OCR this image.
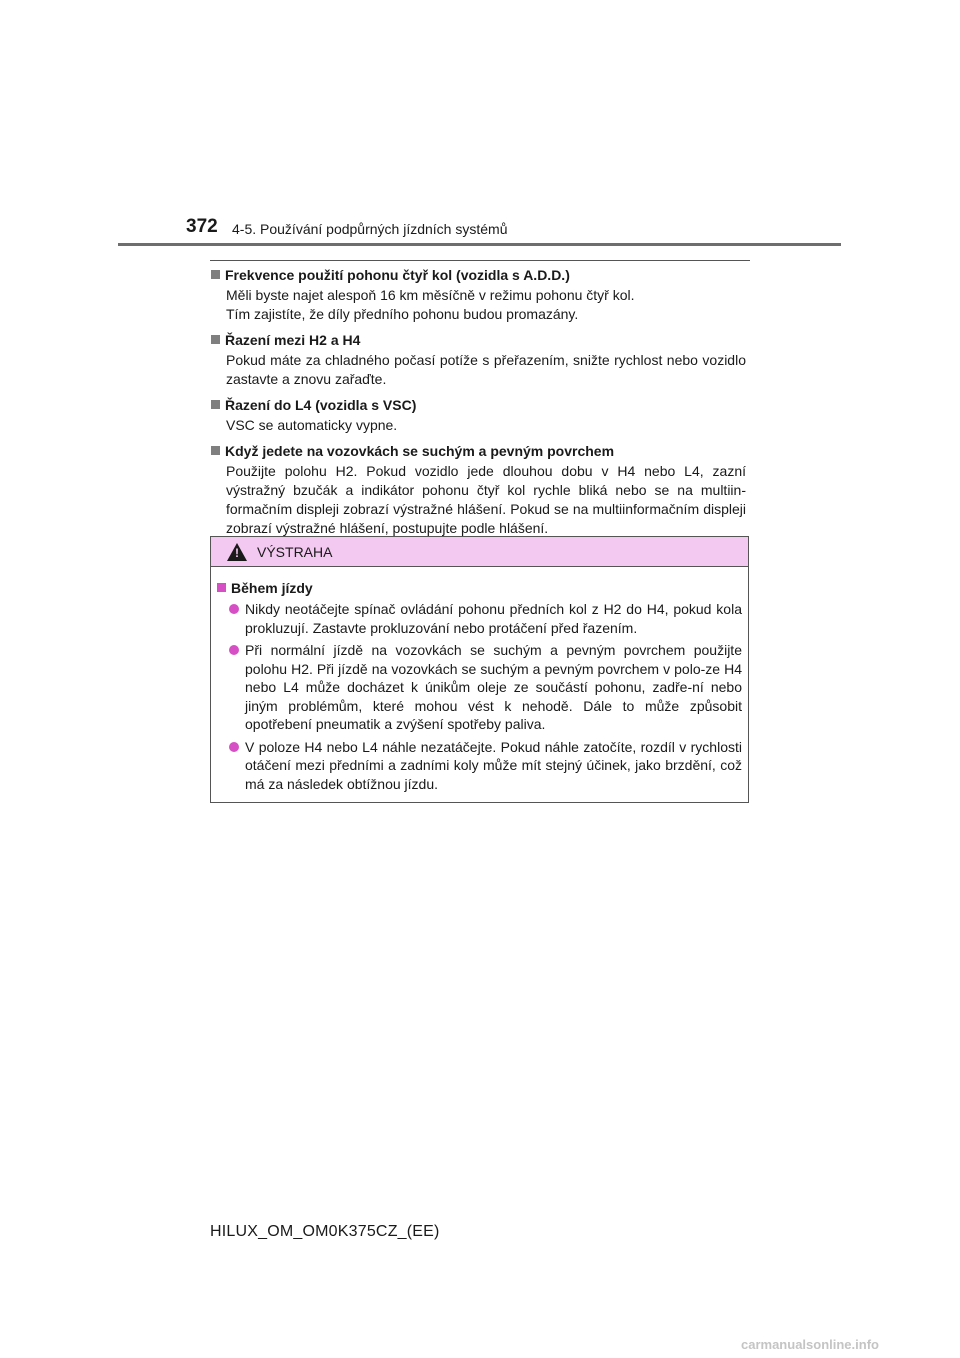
372 4-5. Používání podpůrných jízdních systémů
Frekvence použití pohonu čtyř kol (vozidla s A.D.D.)
Měli byste najet alespoň 16 km měsíčně v režimu pohonu čtyř kol.
Tím zajistíte, že díly předního pohonu budou promazány.
Řazení mezi H2 a H4
Pokud máte za chladného počasí potíže s přeřazením, snižte rychlost nebo vozidlo zastavte a znovu zařaďte.
Řazení do L4 (vozidla s VSC)
VSC se automaticky vypne.
Když jedete na vozovkách se suchým a pevným povrchem
Použijte polohu H2. Pokud vozidlo jede dlouhou dobu v H4 nebo L4, zazní výstražný bzučák a indikátor pohonu čtyř kol rychle bliká nebo se na multiin-formačním displeji zobrazí výstražné hlášení. Pokud se na multiinformačním displeji zobrazí výstražné hlášení, postupujte podle hlášení.
! VÝSTRAHA
Během jízdy
Nikdy neotáčejte spínač ovládání pohonu předních kol z H2 do H4, pokud kola prokluzují. Zastavte prokluzování nebo protáčení před řazením.
Při normální jízdě na vozovkách se suchým a pevným povrchem použijte polohu H2. Při jízdě na vozovkách se suchým a pevným povrchem v polo-ze H4 nebo L4 může docházet k únikům oleje ze součástí pohonu, zadře-ní nebo jiným problémům, které mohou vést k nehodě. Dále to může způsobit opotřebení pneumatik a zvýšení spotřeby paliva.
V poloze H4 nebo L4 náhle nezatáčejte. Pokud náhle zatočíte, rozdíl v rychlosti otáčení mezi předními a zadními koly může mít stejný účinek, jako brzdění, což má za následek obtížnou jízdu.
HILUX_OM_OM0K375CZ_(EE)
carmanualsonline.info
